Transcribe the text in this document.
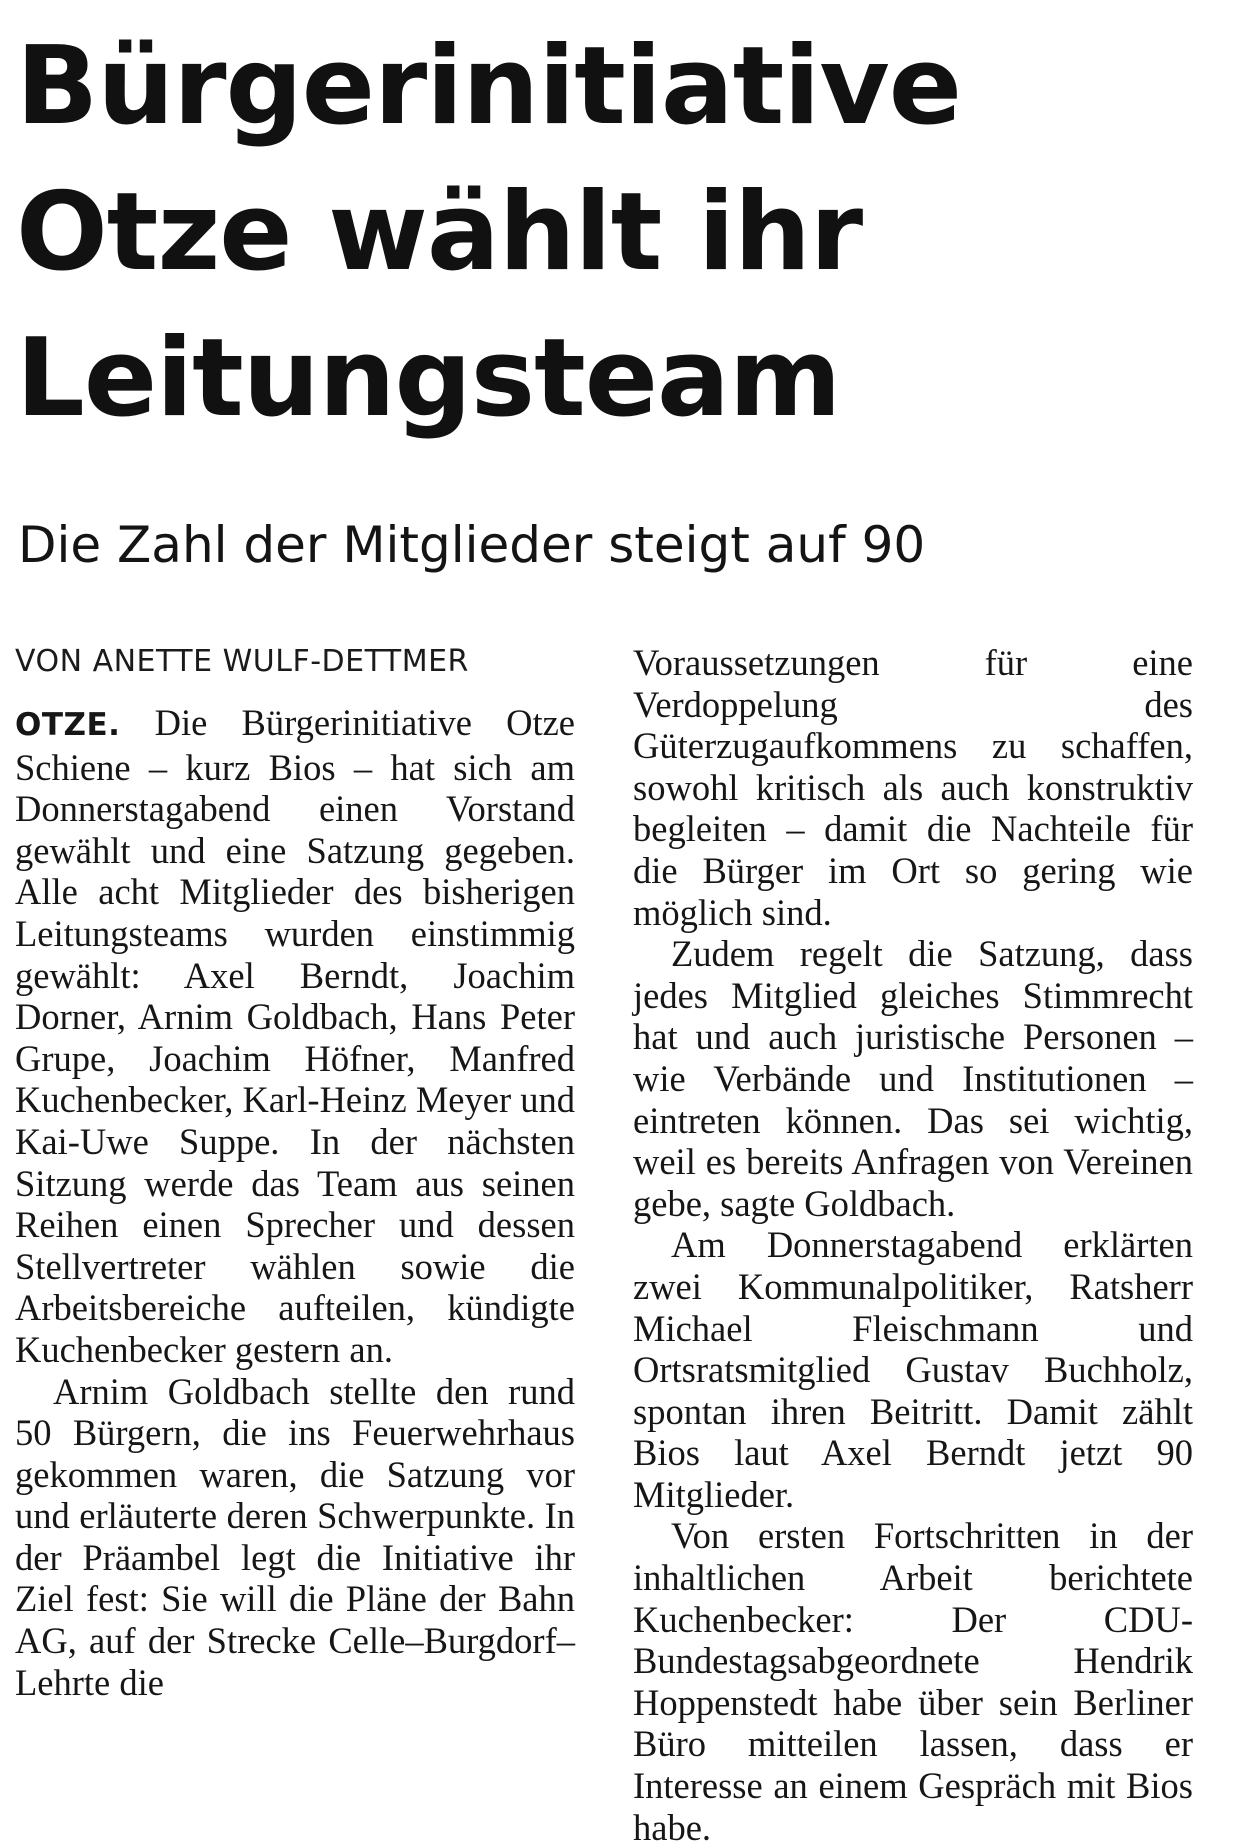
Bürgerinitiative
Otze wählt ihr
Leitungsteam
Die Zahl der Mitglieder steigt auf 90
VON ANETTE WULF-DETTMER

OTZE. Die Bürgerinitiative Otze Schiene – kurz Bios – hat sich am Donnerstagabend einen Vorstand gewählt und eine Satzung gegeben. Alle acht Mitglieder des bisherigen Leitungsteams wurden einstimmig gewählt: Axel Berndt, Joachim Dorner, Arnim Goldbach, Hans Peter Grupe, Joachim Höfner, Manfred Kuchenbecker, Karl-Heinz Meyer und Kai-Uwe Suppe. In der nächsten Sitzung werde das Team aus seinen Reihen einen Sprecher und dessen Stellvertreter wählen sowie die Arbeitsbereiche aufteilen, kündigte Kuchenbecker gestern an.

Arnim Goldbach stellte den rund 50 Bürgern, die ins Feuerwehrhaus gekommen waren, die Satzung vor und erläuterte deren Schwerpunkte. In der Präambel legt die Initiative ihr Ziel fest: Sie will die Pläne der Bahn AG, auf der Strecke Celle–Burgdorf–Lehrte die

Voraussetzungen für eine Verdoppelung des Güterzugaufkommens zu schaffen, sowohl kritisch als auch konstruktiv begleiten – damit die Nachteile für die Bürger im Ort so gering wie möglich sind.

Zudem regelt die Satzung, dass jedes Mitglied gleiches Stimmrecht hat und auch juristische Personen – wie Verbände und Institutionen – eintreten können. Das sei wichtig, weil es bereits Anfragen von Vereinen gebe, sagte Goldbach.

Am Donnerstagabend erklärten zwei Kommunalpolitiker, Ratsherr Michael Fleischmann und Ortsratsmitglied Gustav Buchholz, spontan ihren Beitritt. Damit zählt Bios laut Axel Berndt jetzt 90 Mitglieder.

Von ersten Fortschritten in der inhaltlichen Arbeit berichtete Kuchenbecker: Der CDU-Bundestagsabgeordnete Hendrik Hoppenstedt habe über sein Berliner Büro mitteilen lassen, dass er Interesse an einem Gespräch mit Bios habe.
